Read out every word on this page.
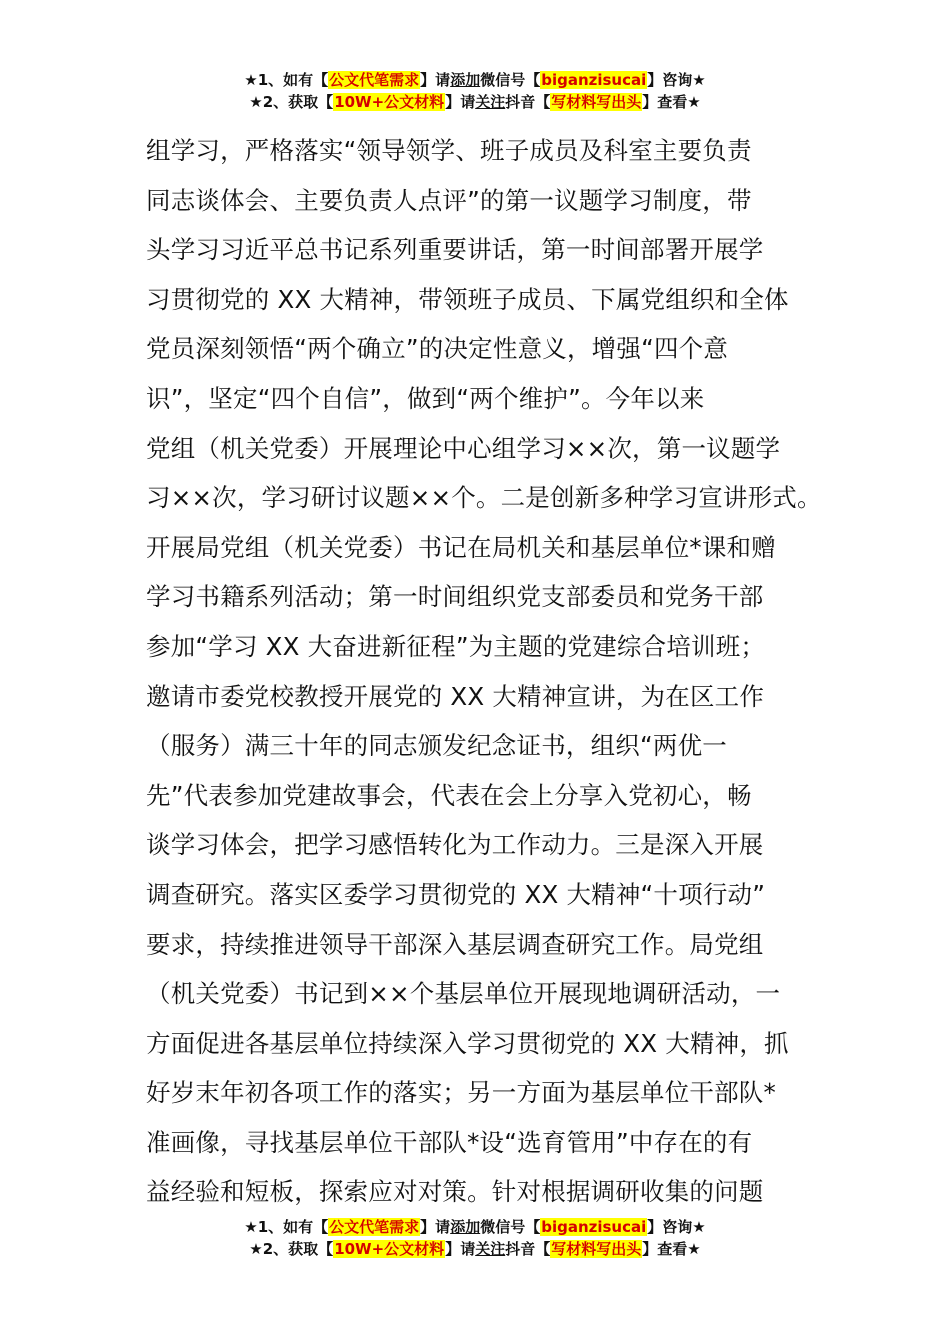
★1、如有【公文代笔需求】请添加微信号【biganzisucai】咨询★
★2、获取【10W+公文材料】请关注抖音【写材料写出头】查看★
组学习，严格落实“领导领学、班子成员及科室主要负责
同志谈体会、主要负责人点评”的第一议题学习制度，带
头学习习近平总书记系列重要讲话，第一时间部署开展学
习贯彻党的 XX 大精神，带领班子成员、下属党组织和全体
党员深刻领悟“两个确立”的决定性意义，增强“四个意
识”，坚定“四个自信”，做到“两个维护”。今年以来
党组（机关党委）开展理论中心组学习××次，第一议题学
习××次，学习研讨议题××个。二是创新多种学习宣讲形式。
开展局党组（机关党委）书记在局机关和基层单位*课和赠
学习书籍系列活动；第一时间组织党支部委员和党务干部
参加“学习 XX 大奋进新征程”为主题的党建综合培训班；
邀请市委党校教授开展党的 XX 大精神宣讲，为在区工作
（服务）满三十年的同志颁发纪念证书，组织“两优一
先”代表参加党建故事会，代表在会上分享入党初心，畅
谈学习体会，把学习感悟转化为工作动力。三是深入开展
调查研究。落实区委学习贯彻党的 XX 大精神“十项行动”
要求，持续推进领导干部深入基层调查研究工作。局党组
（机关党委）书记到××个基层单位开展现地调研活动，一
方面促进各基层单位持续深入学习贯彻党的 XX 大精神，抓
好岁末年初各项工作的落实；另一方面为基层单位干部队*
准画像，寻找基层单位干部队*设“选育管用”中存在的有
益经验和短板，探索应对对策。针对根据调研收集的问题
★1、如有【公文代笔需求】请添加微信号【biganzisucai】咨询★
★2、获取【10W+公文材料】请关注抖音【写材料写出头】查看★
